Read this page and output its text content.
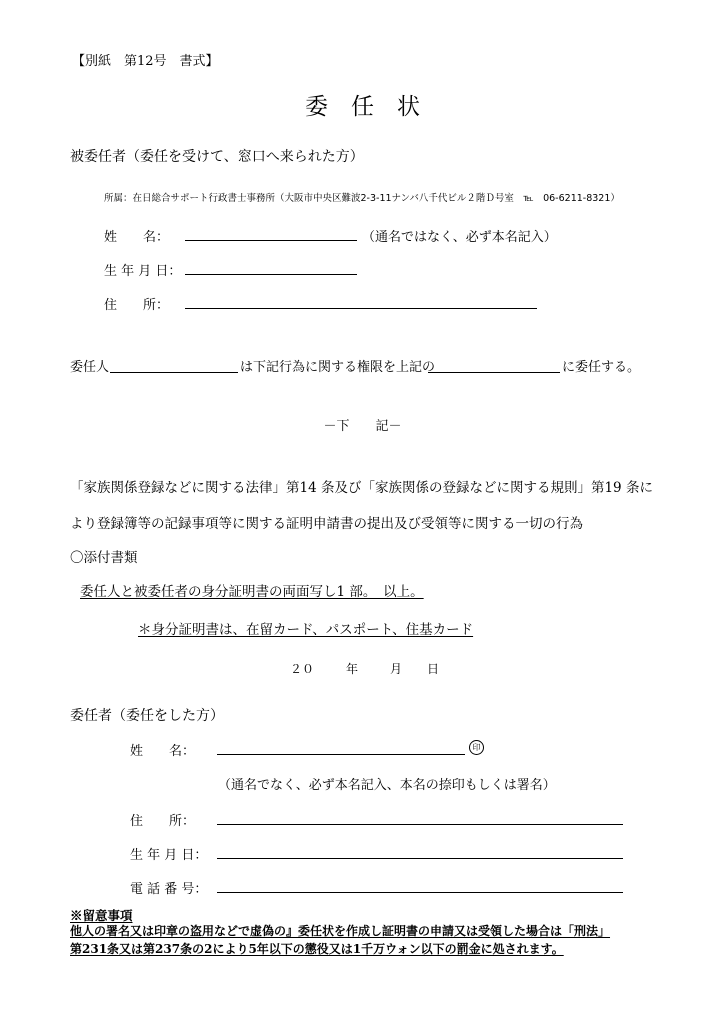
【別紙　第12号　書式】
委　任　状
被委任者（委任を受けて、窓口へ来られた方）
所属：在日総合サポート行政書士事務所（大阪市中央区難波2-3-11ナンバ八千代ビル２階Ｄ号室　℡　06-6211-8321）
姓　　名：	（通名ではなく、必ず本名記入）
生 年 月 日：
住　　所：
委任人	は下記行為に関する権限を上記の	に委任する。
－下　　記－
「家族関係登録などに関する法律」第14 条及び「家族関係の登録などに関する規則」第19 条に
より登録簿等の記録事項等に関する証明申請書の提出及び受領等に関する一切の行為
〇添付書類
委任人と被委任者の身分証明書の両面写し1 部。　以上。
＊身分証明書は、在留カード、パスポート、住基カード
２０	年	月 日
委任者（委任をした方）
姓　　名：	印
（通名でなく、必ず本名記入、本名の捺印もしくは署名）
住　　所：
生 年 月 日：
電 話 番 号：
※留意事項
他人の署名又は印章の盗用などで虚偽の』委任状を作成し証明書の申請又は受領した場合は「刑法」
第231条又は第237条の2により5年以下の懲役又は1千万ウォン以下の罰金に処されます。
